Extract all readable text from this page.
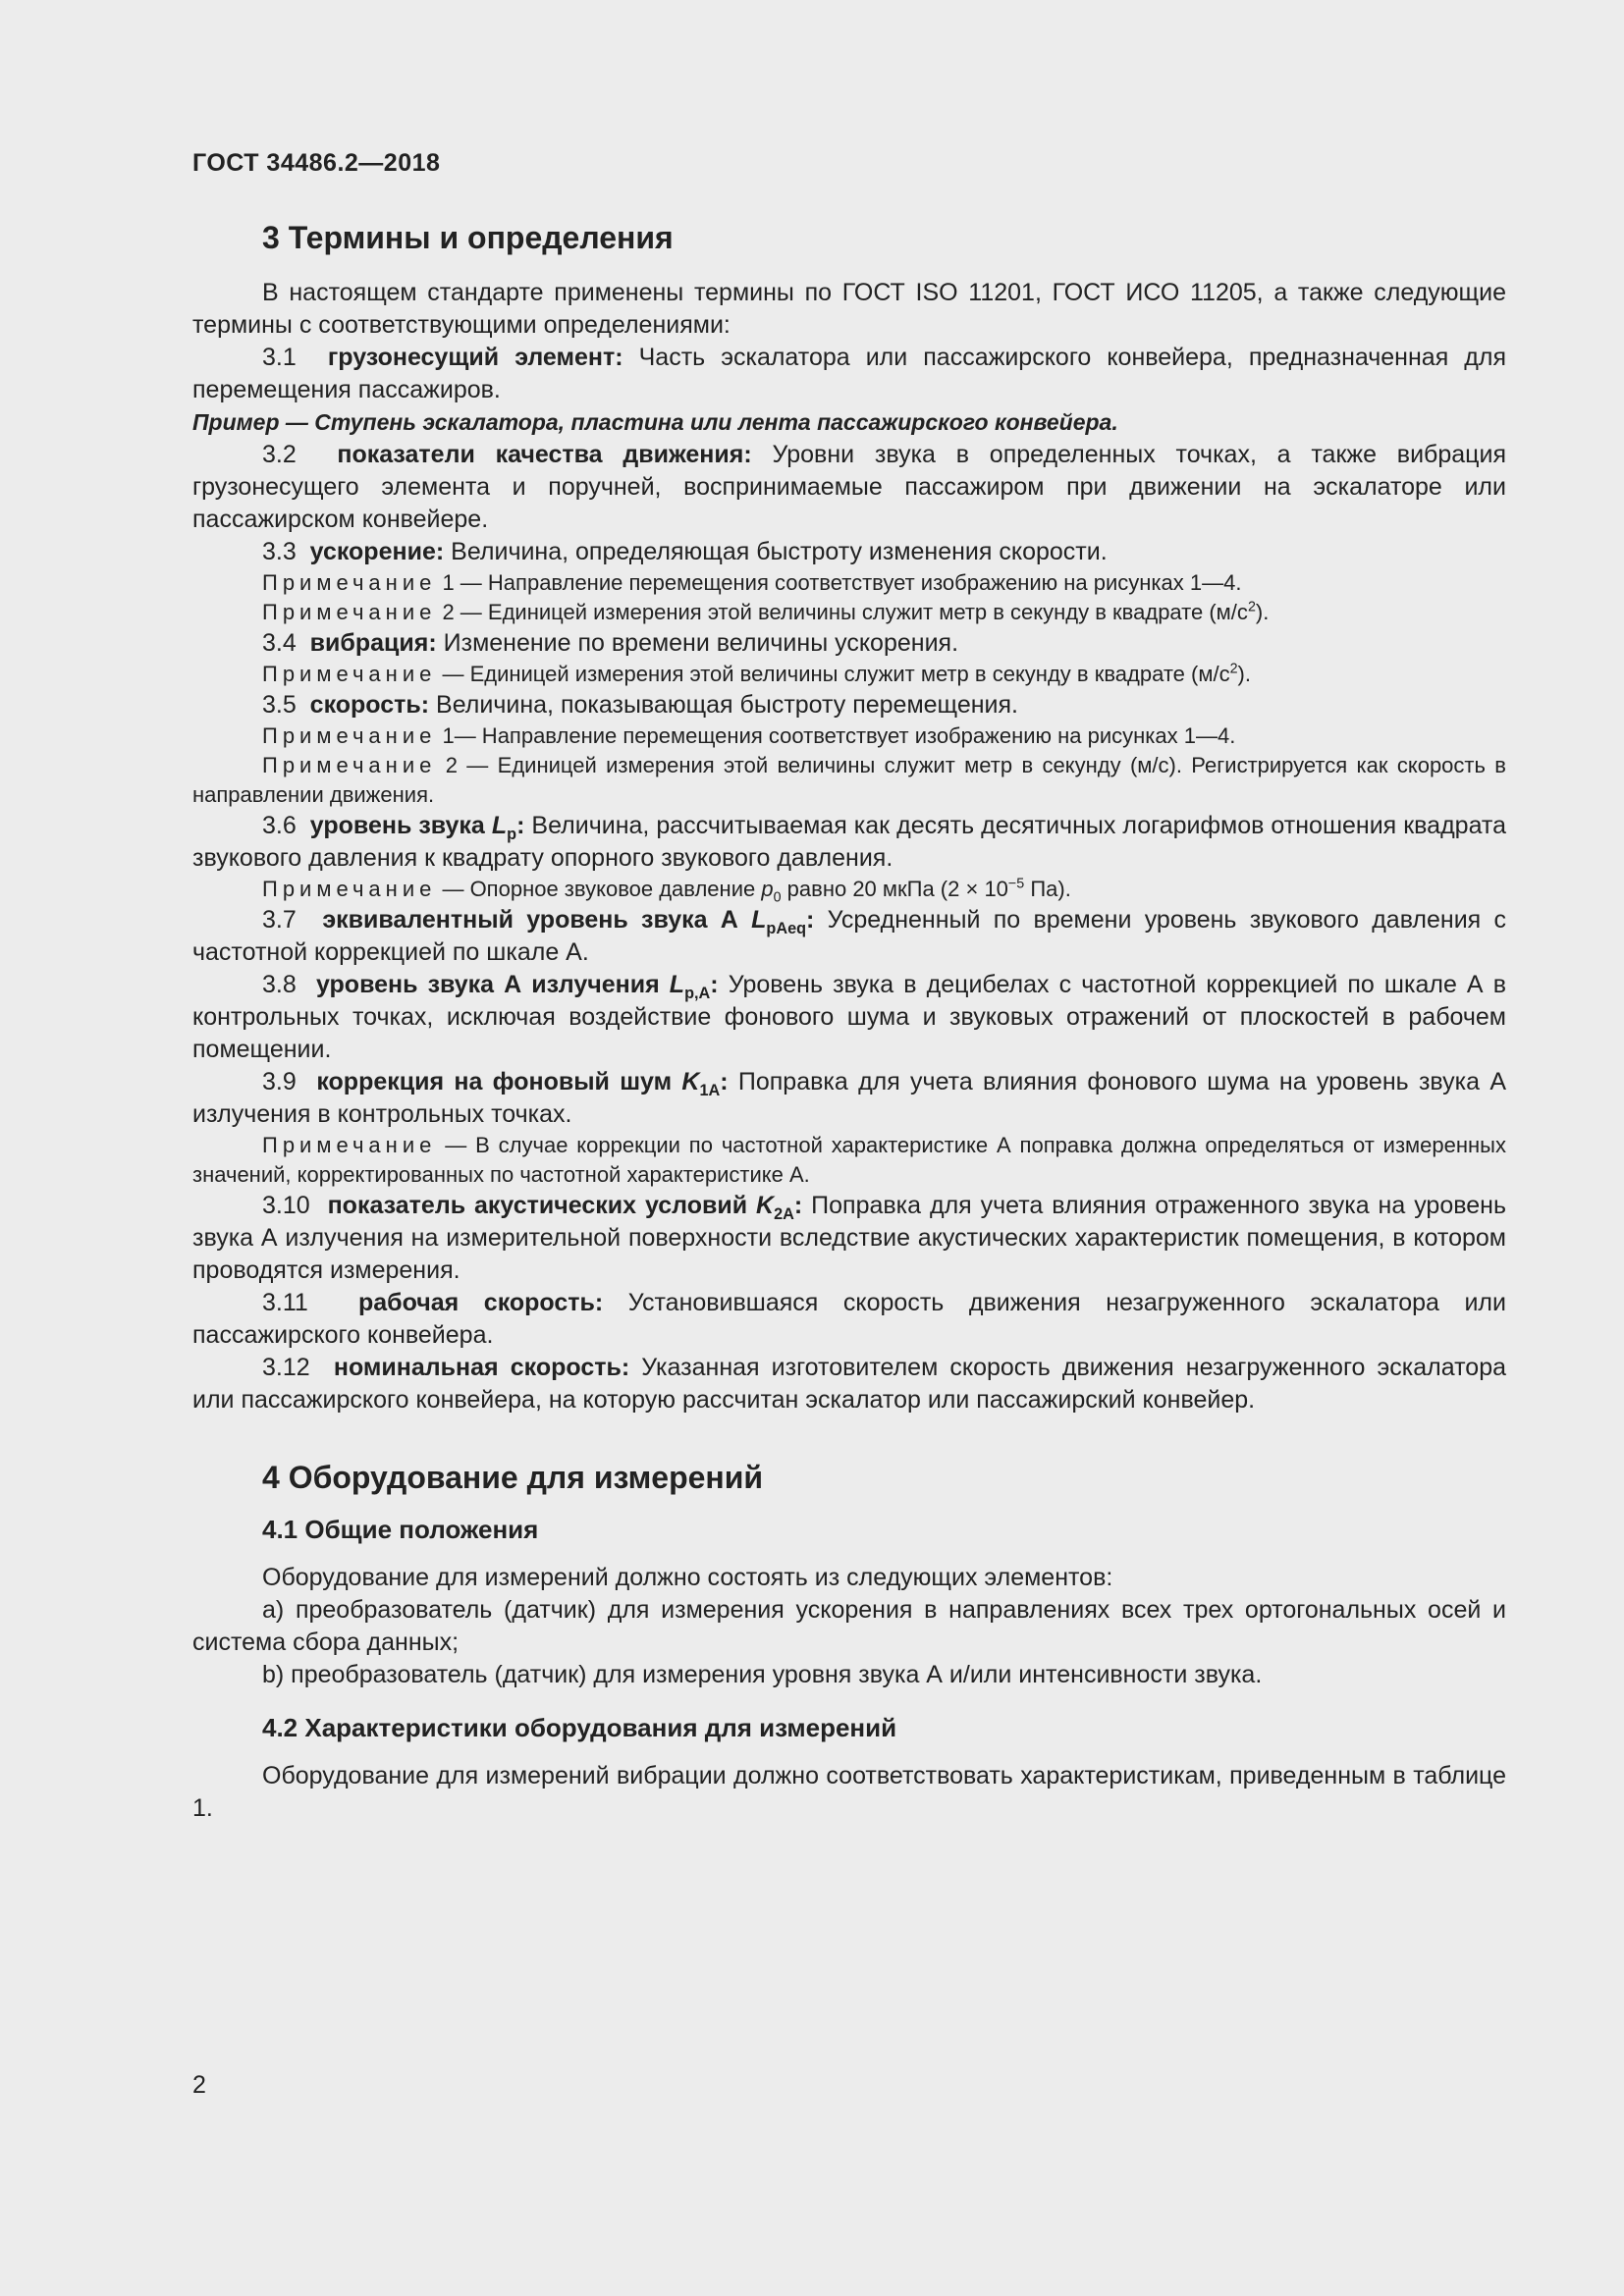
ГОСТ 34486.2—2018
3 Термины и определения

В настоящем стандарте применены термины по ГОСТ ISO 11201, ГОСТ ИСО 11205, а также следующие термины с соответствующими определениями:

3.1 грузонесущий элемент: Часть эскалатора или пассажирского конвейера, предназначенная для перемещения пассажиров.

Пример — Ступень эскалатора, пластина или лента пассажирского конвейера.

3.2 показатели качества движения: Уровни звука в определенных точках, а также вибрация грузонесущего элемента и поручней, воспринимаемые пассажиром при движении на эскалаторе или пассажирском конвейере.

3.3 ускорение: Величина, определяющая быстроту изменения скорости.

Примечание 1 — Направление перемещения соответствует изображению на рисунках 1—4.

Примечание 2 — Единицей измерения этой величины служит метр в секунду в квадрате $(м/с^2)$.

3.4 вибрация: Изменение по времени величины ускорения.

Примечание — Единицей измерения этой величины служит метр в секунду в квадрате $(м/с^2)$.

3.5 скорость: Величина, показывающая быстроту перемещения.

Примечание 1— Направление перемещения соответствует изображению на рисунках 1—4.

Примечание 2 — Единицей измерения этой величины служит метр в секунду (м/с). Регистрируется как скорость в направлении движения.

3.6 уровень звука $L_p$: Величина, рассчитываемая как десять десятичных логарифмов отношения квадрата звукового давления к квадрату опорного звукового давления.

Примечание — Опорное звуковое давление $p_0$ равно 20 мкПа ($2 \times 10^{-5}$ Па).

3.7 эквивалентный уровень звука А $L_{pAeq}$: Усредненный по времени уровень звукового давления с частотной коррекцией по шкале А.

3.8 уровень звука А излучения $L_{p,A}$: Уровень звука в децибелах с частотной коррекцией по шкале А в контрольных точках, исключая воздействие фонового шума и звуковых отражений от плоскостей в рабочем помещении.

3.9 коррекция на фоновый шум $K_{1A}$: Поправка для учета влияния фонового шума на уровень звука А излучения в контрольных точках.

Примечание — В случае коррекции по частотной характеристике А поправка должна определяться от измеренных значений, корректированных по частотной характеристике А.

3.10 показатель акустических условий $K_{2A}$: Поправка для учета влияния отраженного звука на уровень звука А излучения на измерительной поверхности вследствие акустических характеристик помещения, в котором проводятся измерения.

3.11 рабочая скорость: Установившаяся скорость движения незагруженного эскалатора или пассажирского конвейера.

3.12 номинальная скорость: Указанная изготовителем скорость движения незагруженного эскалатора или пассажирского конвейера, на которую рассчитан эскалатор или пассажирский конвейер.

4 Оборудование для измерений
4.1 Общие положения

Оборудование для измерений должно состоять из следующих элементов:

а) преобразователь (датчик) для измерения ускорения в направлениях всех трех ортогональных осей и система сбора данных;

b) преобразователь (датчик) для измерения уровня звука А и/или интенсивности звука.

4.2 Характеристики оборудования для измерений

Оборудование для измерений вибрации должно соответствовать характеристикам, приведенным в таблице 1.

2
